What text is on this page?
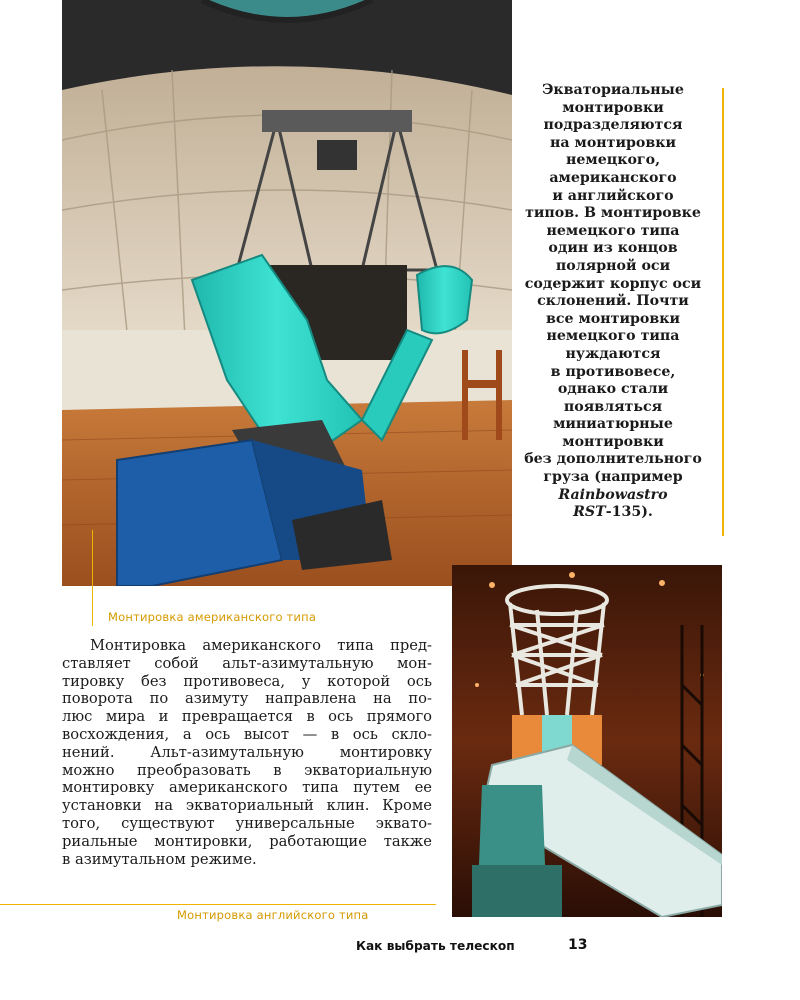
Экваториальные
монтировки
подразделяются
на монтировки
немецкого,
американского
и английского
типов. В монтировке
немецкого типа
один из концов
полярной оси
содержит корпус оси
склонений. Почти
все монтировки
немецкого типа
нуждаются
в противовесе,
однако стали
появляться
миниатюрные
монтировки
без дополнительного
груза (например
Rainbowastro
RST-135).
Монтировка американского типа
Монтировка американского типа пред-
ставляет собой альт-азимутальную мон-
тировку без противовеса, у которой ось
поворота по азимуту направлена на по-
люс мира и превращается в ось прямого
восхождения, а ось высот — в ось скло-
нений. Альт-азимутальную монтировку
можно преобразовать в экваториальную
монтировку американского типа путем ее
установки на экваториальный клин. Кроме
того, существуют универсальные эквато-
риальные монтировки, работающие также
в азимутальном режиме.
Монтировка английского типа
Как выбрать телескоп	13
